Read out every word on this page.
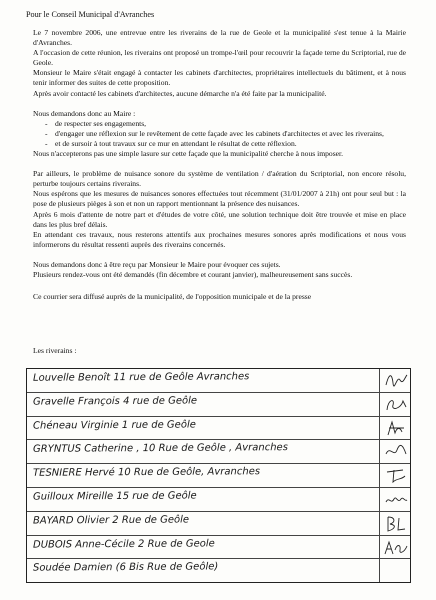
Pour le Conseil Municipal d'Avranches

Le 7 novembre 2006, une entrevue entre les riverains de la rue de Geole et la municipalité s'est tenue à la Mairie d'Avranches.

A l'occasion de cette réunion, les riverains ont proposé un trompe-l'œil pour recouvrir la façade terne du Scriptorial, rue de Geole.

Monsieur le Maire s'était engagé à contacter les cabinets d'architectes, propriétaires intellectuels du bâtiment, et à nous tenir informer des suites de cette proposition.

Après avoir contacté les cabinets d'architectes, aucune démarche n'a été faite par la municipalité.

Nous demandons donc au Maire :

- de respecter ses engagements,
- d'engager une réflexion sur le revêtement de cette façade avec les cabinets d'architectes et avec les riverains,
- et de sursoir à tout travaux sur ce mur en attendant le résultat de cette réflexion.

Nous n'accepterons pas une simple lasure sur cette façade que la municipalité cherche à nous imposer.

Par ailleurs, le problème de nuisance sonore du système de ventilation / d'aération du Scriptorial, non encore résolu, perturbe toujours certains riverains.

Nous espérons que les mesures de nuisances sonores effectuées tout récemment (31/01/2007 à 21h) ont pour seul but : la pose de plusieurs pièges à son et non un rapport mentionnant la présence des nuisances.

Après 6 mois d'attente de notre part et d'études de votre côté, une solution technique doit être trouvée et mise en place dans les plus bref délais.

En attendant ces travaux, nous resterons attentifs aux prochaines mesures sonores après modifications et nous vous informerons du résultat ressenti auprès des riverains concernés.

Nous demandons donc à être reçu par Monsieur le Maire pour évoquer ces sujets.

Plusieurs rendez-vous ont été demandés (fin décembre et courant janvier), malheureusement sans succès.

Ce courrier sera diffusé auprès de la municipalité, de l'opposition municipale et de la presse

Les riverains :
Louvelle Benoît 11 rue de Geôle Avranches
Gravelle François 4 rue de Geôle
Chéneau Virginie 1 rue de Geôle
GRYNTUS Catherine , 10 Rue de Geôle , Avranches
TESNIERE Hervé 10 Rue de Geôle, Avranches
Guilloux Mireille 15 rue de Geôle
BAYARD Olivier 2 Rue de Geôle
DUBOIS Anne-Cécile 2 Rue de Geole
Soudée Damien (6 Bis Rue de Geôle)
